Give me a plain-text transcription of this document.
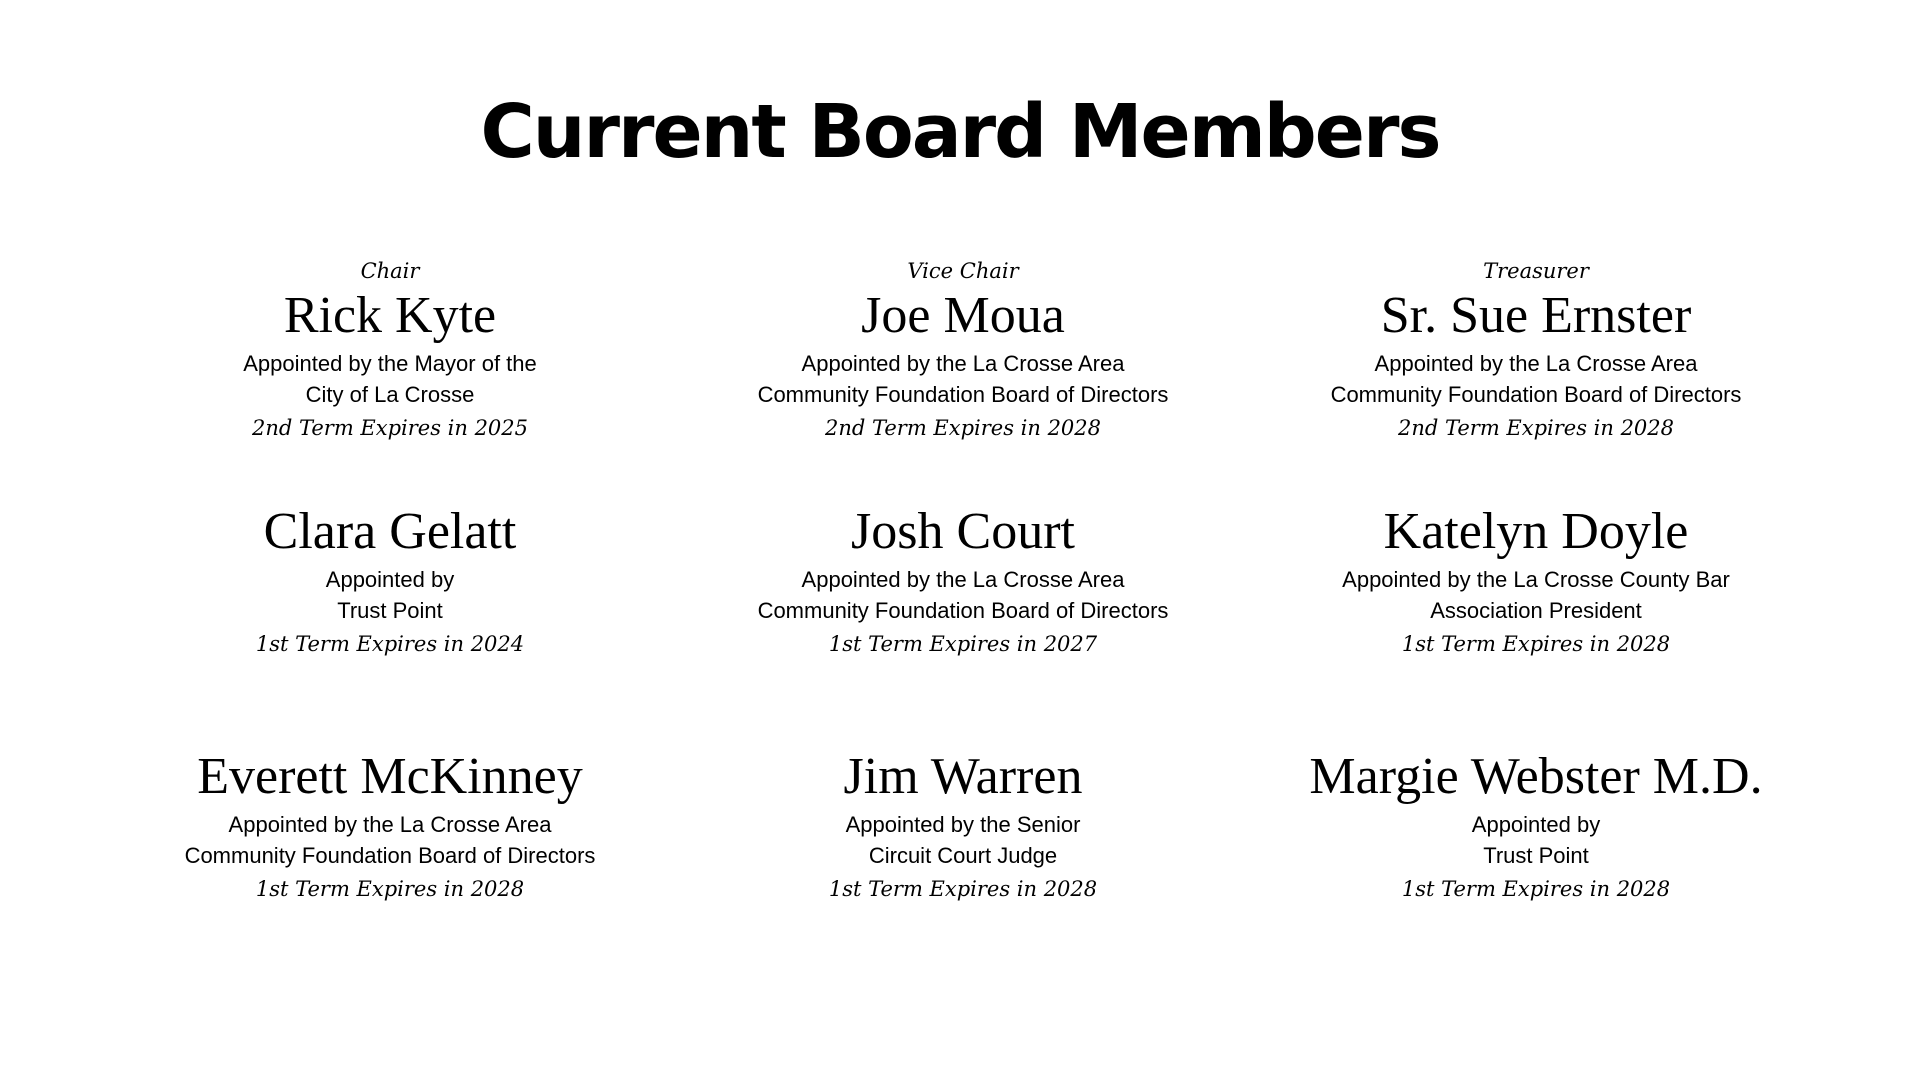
Current Board Members
Chair
Rick Kyte
Appointed by the Mayor of the
City of La Crosse
2nd Term Expires in 2025
Vice Chair
Joe Moua
Appointed by the La Crosse Area
Community Foundation Board of Directors
2nd Term Expires in 2028
Treasurer
Sr. Sue Ernster
Appointed by the La Crosse Area
Community Foundation Board of Directors
2nd Term Expires in 2028
Clara Gelatt
Appointed by
Trust Point
1st Term Expires in 2024
Josh Court
Appointed by the La Crosse Area
Community Foundation Board of Directors
1st Term Expires in 2027
Katelyn Doyle
Appointed by the La Crosse County Bar
Association President
1st Term Expires in 2028
Everett McKinney
Appointed by the La Crosse Area
Community Foundation Board of Directors
1st Term Expires in 2028
Jim Warren
Appointed by the Senior
Circuit Court Judge
1st Term Expires in 2028
Margie Webster M.D.
Appointed by
Trust Point
1st Term Expires in 2028
